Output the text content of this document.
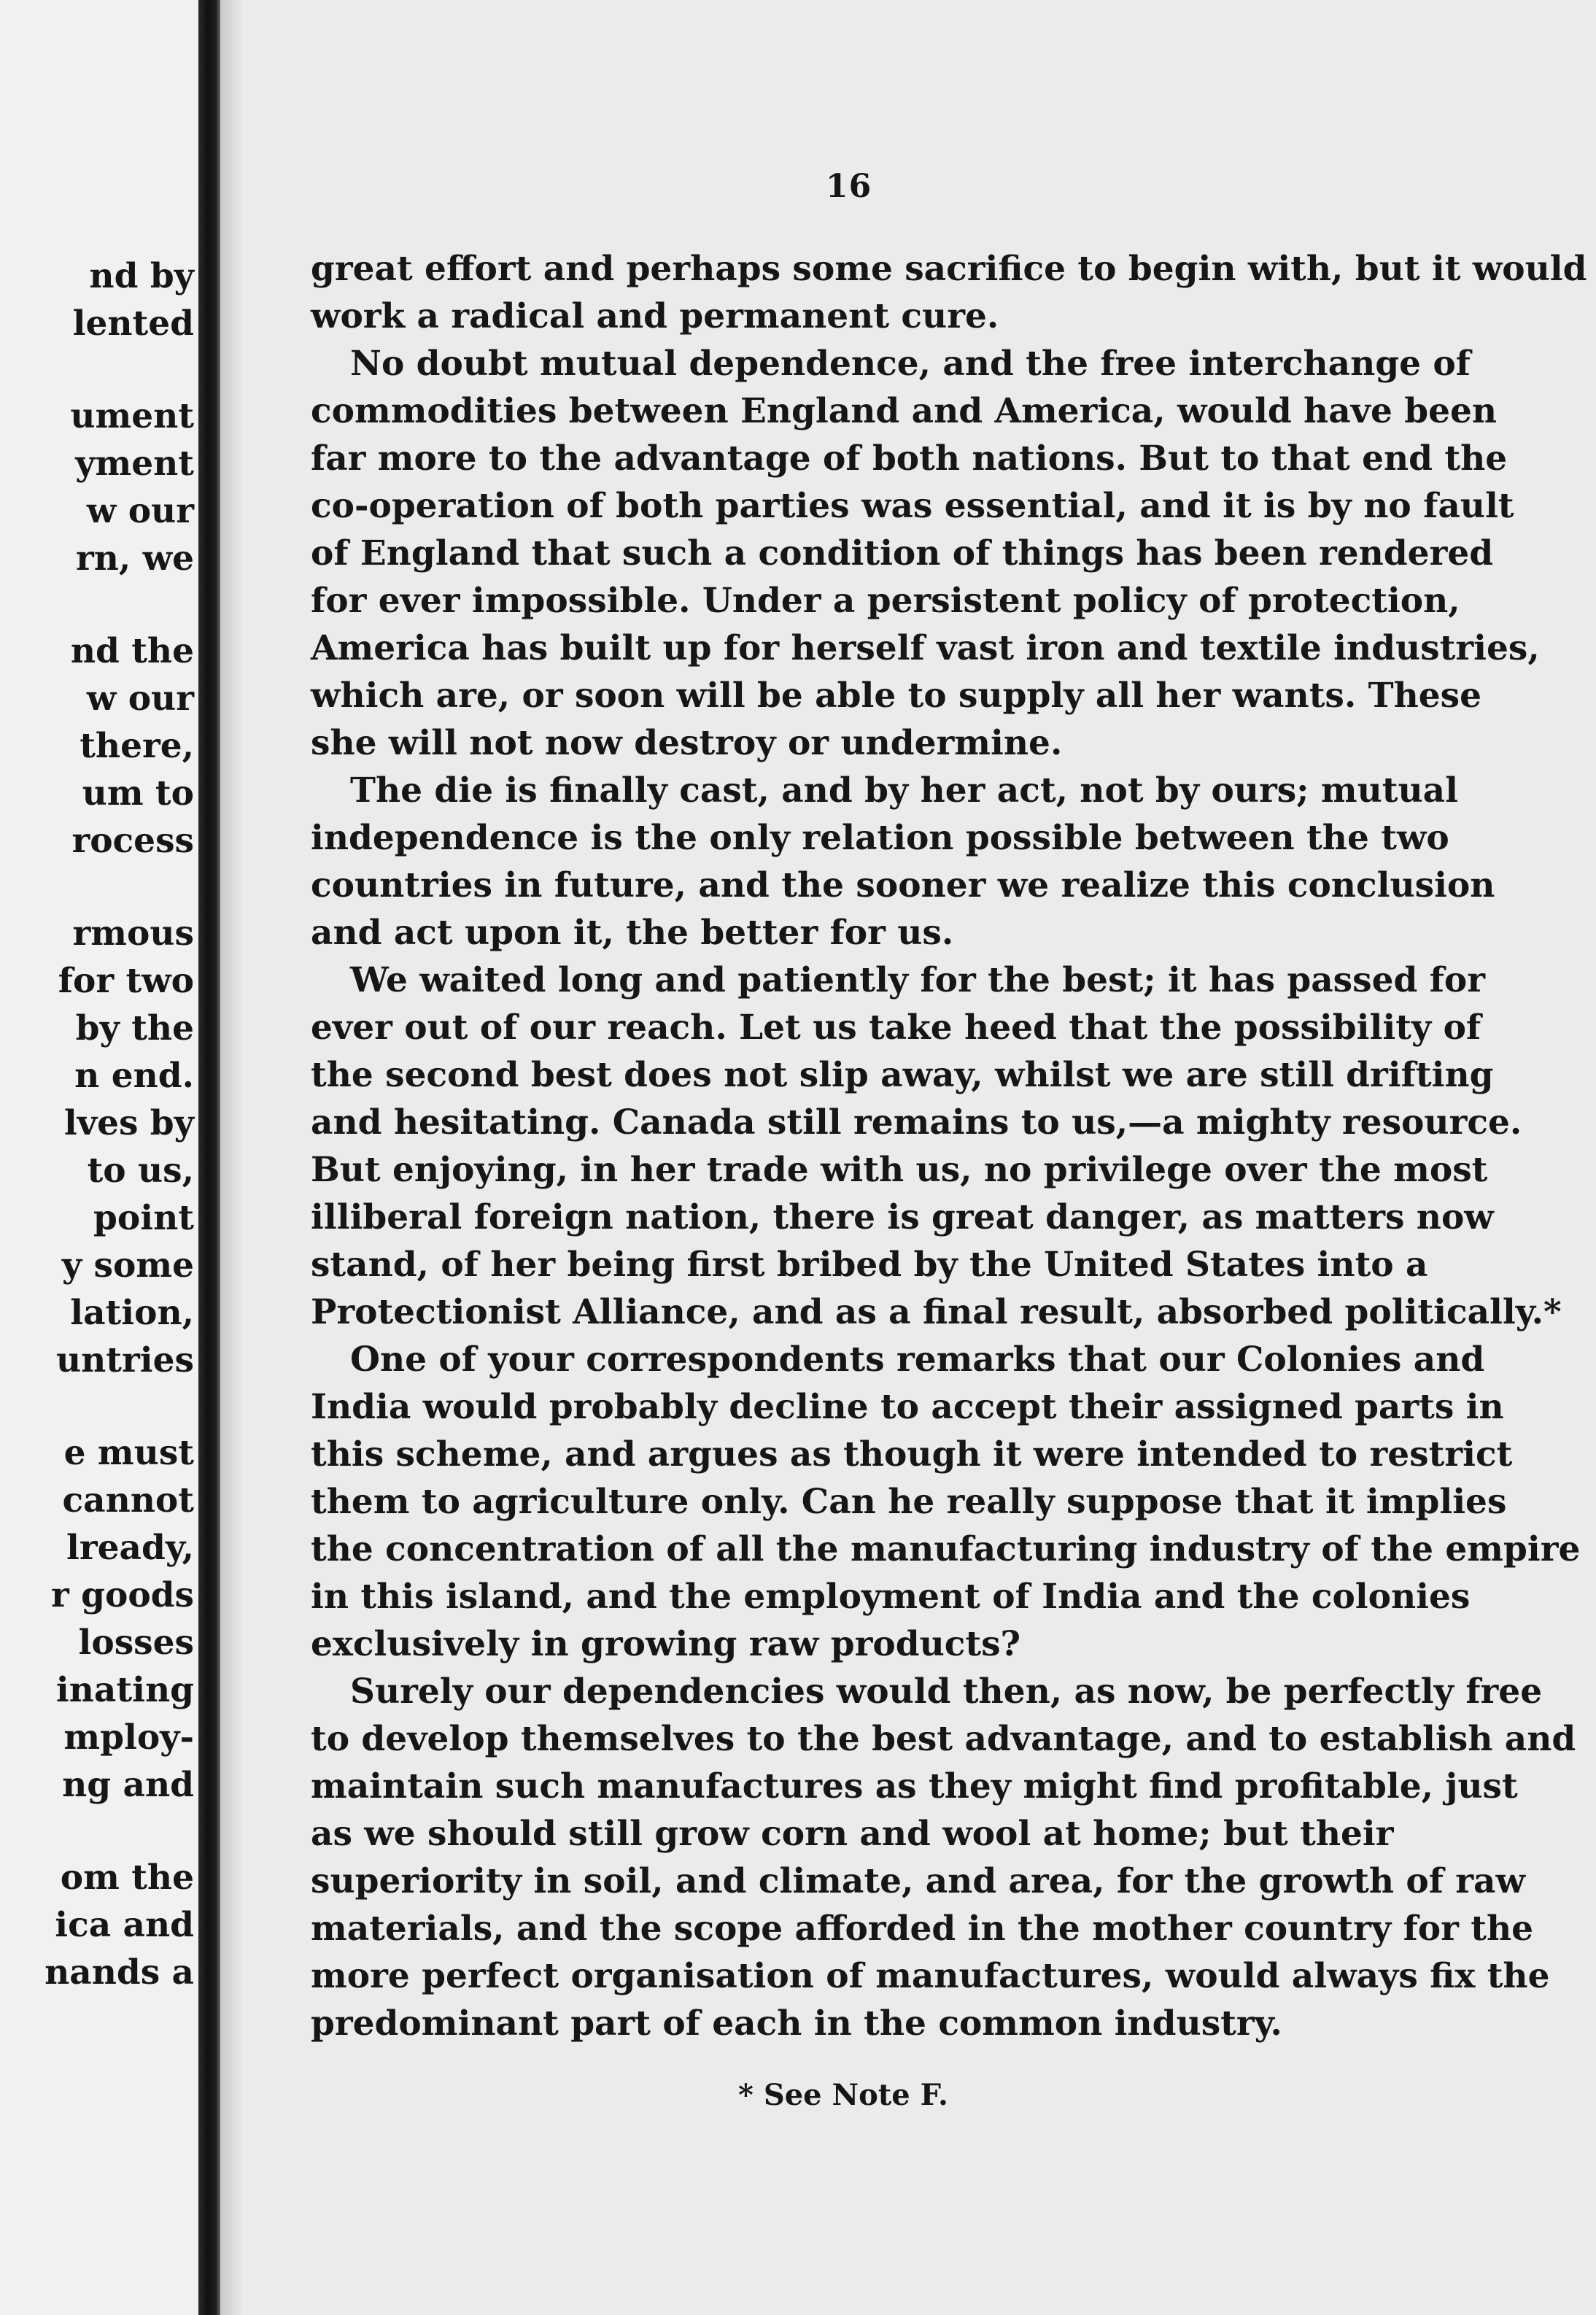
nd by
lented

ument
yment
w our
rn, we

nd the
w our
there,
um to
rocess

rmous
for two
by the
n end.
lves by
to us,
point
y some
lation,
untries

e must
cannot
lready,
r goods
losses
inating
mploy-
ng and

om the
ica and
nands a
16
great effort and perhaps some sacrifice to begin with, but it would
work a radical and permanent cure.
No doubt mutual dependence, and the free interchange of
commodities between England and America, would have been
far more to the advantage of both nations. But to that end the
co-operation of both parties was essential, and it is by no fault
of England that such a condition of things has been rendered
for ever impossible. Under a persistent policy of protection,
America has built up for herself vast iron and textile industries,
which are, or soon will be able to supply all her wants. These
she will not now destroy or undermine.
The die is finally cast, and by her act, not by ours; mutual
independence is the only relation possible between the two
countries in future, and the sooner we realize this conclusion
and act upon it, the better for us.
We waited long and patiently for the best; it has passed for
ever out of our reach. Let us take heed that the possibility of
the second best does not slip away, whilst we are still drifting
and hesitating. Canada still remains to us,—a mighty resource.
But enjoying, in her trade with us, no privilege over the most
illiberal foreign nation, there is great danger, as matters now
stand, of her being first bribed by the United States into a
Protectionist Alliance, and as a final result, absorbed politically.*
One of your correspondents remarks that our Colonies and
India would probably decline to accept their assigned parts in
this scheme, and argues as though it were intended to restrict
them to agriculture only. Can he really suppose that it implies
the concentration of all the manufacturing industry of the empire
in this island, and the employment of India and the colonies
exclusively in growing raw products?
Surely our dependencies would then, as now, be perfectly free
to develop themselves to the best advantage, and to establish and
maintain such manufactures as they might find profitable, just
as we should still grow corn and wool at home; but their
superiority in soil, and climate, and area, for the growth of raw
materials, and the scope afforded in the mother country for the
more perfect organisation of manufactures, would always fix the
predominant part of each in the common industry.
* See Note F.
